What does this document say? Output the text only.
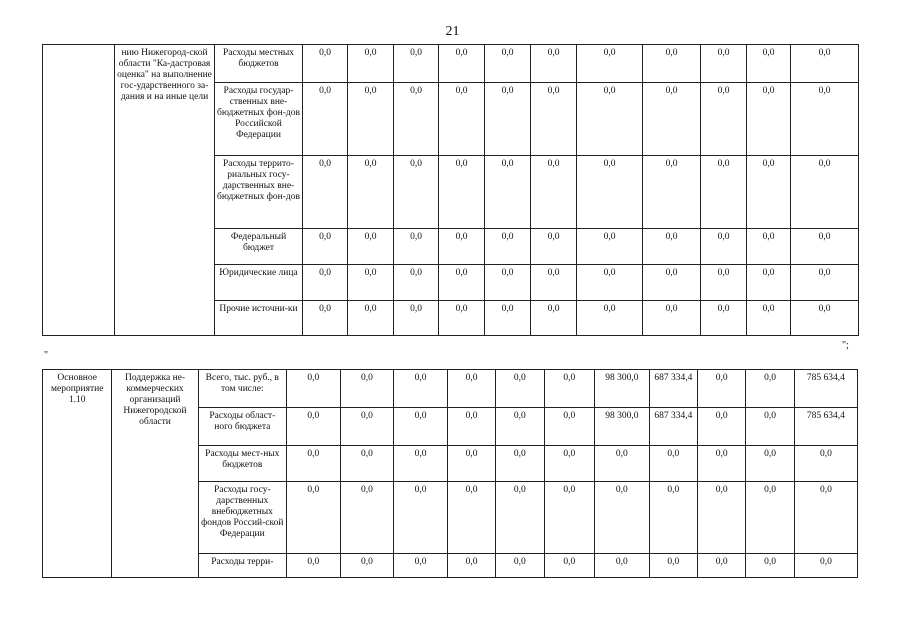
21
	нию Нижегород-ской области "Ка-дастровая оценка" на выполнение гос-ударственного за-дания и на иные цели	Расходы местных бюджетов	0,0	0,0	0,0	0,0	0,0	0,0	0,0	0,0	0,0	0,0	0,0
		Расходы государ-ственных вне-бюджетных фон-дов Российской Федерации	0,0	0,0	0,0	0,0	0,0	0,0	0,0	0,0	0,0	0,0	0,0
		Расходы террито-риальных госу-дарственных вне-бюджетных фон-дов	0,0	0,0	0,0	0,0	0,0	0,0	0,0	0,0	0,0	0,0	0,0
		Федеральный бюджет	0,0	0,0	0,0	0,0	0,0	0,0	0,0	0,0	0,0	0,0	0,0
		Юридические лица	0,0	0,0	0,0	0,0	0,0	0,0	0,0	0,0	0,0	0,0	0,0
		Прочие источни-ки	0,0	0,0	0,0	0,0	0,0	0,0	0,0	0,0	0,0	0,0	0,0
";
"
Основное мероприятие 1.10	Поддержка не-коммерческих организаций Нижегородской области	Всего, тыс. руб., в том числе:	0,0	0,0	0,0	0,0	0,0	0,0	98 300,0	687 334,4	0,0	0,0	785 634,4
		Расходы област-ного бюджета	0,0	0,0	0,0	0,0	0,0	0,0	98 300,0	687 334,4	0,0	0,0	785 634,4
		Расходы мест-ных бюджетов	0,0	0,0	0,0	0,0	0,0	0,0	0,0	0,0	0,0	0,0	0,0
		Расходы госу-дарственных внебюджетных фондов Россий-ской Федерации	0,0	0,0	0,0	0,0	0,0	0,0	0,0	0,0	0,0	0,0	0,0
		Расходы терри-	0,0	0,0	0,0	0,0	0,0	0,0	0,0	0,0	0,0	0,0	0,0
